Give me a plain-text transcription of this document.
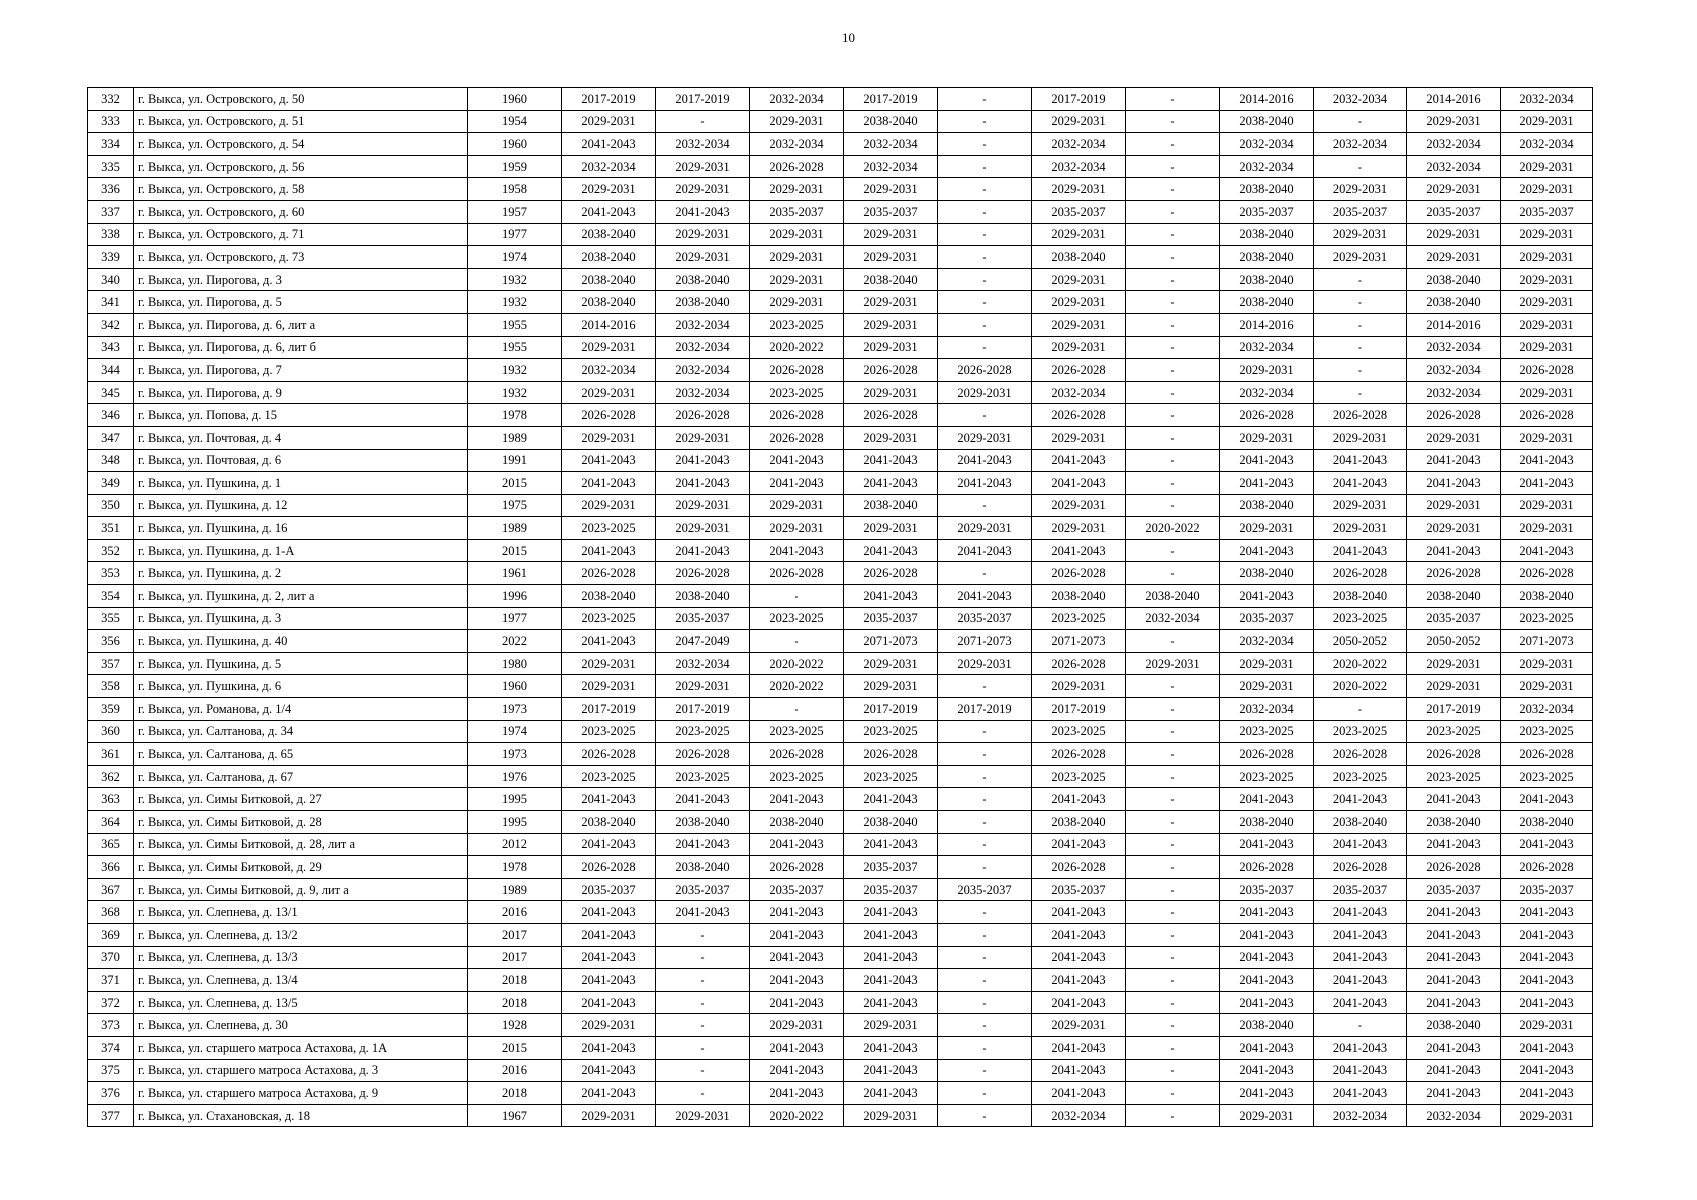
10
332	г. Выкса, ул. Островского, д. 50	1960	2017-2019	2017-2019	2032-2034	2017-2019	-	2017-2019	-	2014-2016	2032-2034	2014-2016	2032-2034
333	г. Выкса, ул. Островского, д. 51	1954	2029-2031	-	2029-2031	2038-2040	-	2029-2031	-	2038-2040	-	2029-2031	2029-2031
334	г. Выкса, ул. Островского, д. 54	1960	2041-2043	2032-2034	2032-2034	2032-2034	-	2032-2034	-	2032-2034	2032-2034	2032-2034	2032-2034
335	г. Выкса, ул. Островского, д. 56	1959	2032-2034	2029-2031	2026-2028	2032-2034	-	2032-2034	-	2032-2034	-	2032-2034	2029-2031
336	г. Выкса, ул. Островского, д. 58	1958	2029-2031	2029-2031	2029-2031	2029-2031	-	2029-2031	-	2038-2040	2029-2031	2029-2031	2029-2031
337	г. Выкса, ул. Островского, д. 60	1957	2041-2043	2041-2043	2035-2037	2035-2037	-	2035-2037	-	2035-2037	2035-2037	2035-2037	2035-2037
338	г. Выкса, ул. Островского, д. 71	1977	2038-2040	2029-2031	2029-2031	2029-2031	-	2029-2031	-	2038-2040	2029-2031	2029-2031	2029-2031
339	г. Выкса, ул. Островского, д. 73	1974	2038-2040	2029-2031	2029-2031	2029-2031	-	2038-2040	-	2038-2040	2029-2031	2029-2031	2029-2031
340	г. Выкса, ул. Пирогова, д. 3	1932	2038-2040	2038-2040	2029-2031	2038-2040	-	2029-2031	-	2038-2040	-	2038-2040	2029-2031
341	г. Выкса, ул. Пирогова, д. 5	1932	2038-2040	2038-2040	2029-2031	2029-2031	-	2029-2031	-	2038-2040	-	2038-2040	2029-2031
342	г. Выкса, ул. Пирогова, д. 6, лит а	1955	2014-2016	2032-2034	2023-2025	2029-2031	-	2029-2031	-	2014-2016	-	2014-2016	2029-2031
343	г. Выкса, ул. Пирогова, д. 6, лит б	1955	2029-2031	2032-2034	2020-2022	2029-2031	-	2029-2031	-	2032-2034	-	2032-2034	2029-2031
344	г. Выкса, ул. Пирогова, д. 7	1932	2032-2034	2032-2034	2026-2028	2026-2028	2026-2028	2026-2028	-	2029-2031	-	2032-2034	2026-2028
345	г. Выкса, ул. Пирогова, д. 9	1932	2029-2031	2032-2034	2023-2025	2029-2031	2029-2031	2032-2034	-	2032-2034	-	2032-2034	2029-2031
346	г. Выкса, ул. Попова, д. 15	1978	2026-2028	2026-2028	2026-2028	2026-2028	-	2026-2028	-	2026-2028	2026-2028	2026-2028	2026-2028
347	г. Выкса, ул. Почтовая, д. 4	1989	2029-2031	2029-2031	2026-2028	2029-2031	2029-2031	2029-2031	-	2029-2031	2029-2031	2029-2031	2029-2031
348	г. Выкса, ул. Почтовая, д. 6	1991	2041-2043	2041-2043	2041-2043	2041-2043	2041-2043	2041-2043	-	2041-2043	2041-2043	2041-2043	2041-2043
349	г. Выкса, ул. Пушкина, д. 1	2015	2041-2043	2041-2043	2041-2043	2041-2043	2041-2043	2041-2043	-	2041-2043	2041-2043	2041-2043	2041-2043
350	г. Выкса, ул. Пушкина, д. 12	1975	2029-2031	2029-2031	2029-2031	2038-2040	-	2029-2031	-	2038-2040	2029-2031	2029-2031	2029-2031
351	г. Выкса, ул. Пушкина, д. 16	1989	2023-2025	2029-2031	2029-2031	2029-2031	2029-2031	2029-2031	2020-2022	2029-2031	2029-2031	2029-2031	2029-2031
352	г. Выкса, ул. Пушкина, д. 1-А	2015	2041-2043	2041-2043	2041-2043	2041-2043	2041-2043	2041-2043	-	2041-2043	2041-2043	2041-2043	2041-2043
353	г. Выкса, ул. Пушкина, д. 2	1961	2026-2028	2026-2028	2026-2028	2026-2028	-	2026-2028	-	2038-2040	2026-2028	2026-2028	2026-2028
354	г. Выкса, ул. Пушкина, д. 2, лит а	1996	2038-2040	2038-2040	-	2041-2043	2041-2043	2038-2040	2038-2040	2041-2043	2038-2040	2038-2040	2038-2040
355	г. Выкса, ул. Пушкина, д. 3	1977	2023-2025	2035-2037	2023-2025	2035-2037	2035-2037	2023-2025	2032-2034	2035-2037	2023-2025	2035-2037	2023-2025
356	г. Выкса, ул. Пушкина, д. 40	2022	2041-2043	2047-2049	-	2071-2073	2071-2073	2071-2073	-	2032-2034	2050-2052	2050-2052	2071-2073
357	г. Выкса, ул. Пушкина, д. 5	1980	2029-2031	2032-2034	2020-2022	2029-2031	2029-2031	2026-2028	2029-2031	2029-2031	2020-2022	2029-2031	2029-2031
358	г. Выкса, ул. Пушкина, д. 6	1960	2029-2031	2029-2031	2020-2022	2029-2031	-	2029-2031	-	2029-2031	2020-2022	2029-2031	2029-2031
359	г. Выкса, ул. Романова, д. 1/4	1973	2017-2019	2017-2019	-	2017-2019	2017-2019	2017-2019	-	2032-2034	-	2017-2019	2032-2034
360	г. Выкса, ул. Салтанова, д. 34	1974	2023-2025	2023-2025	2023-2025	2023-2025	-	2023-2025	-	2023-2025	2023-2025	2023-2025	2023-2025
361	г. Выкса, ул. Салтанова, д. 65	1973	2026-2028	2026-2028	2026-2028	2026-2028	-	2026-2028	-	2026-2028	2026-2028	2026-2028	2026-2028
362	г. Выкса, ул. Салтанова, д. 67	1976	2023-2025	2023-2025	2023-2025	2023-2025	-	2023-2025	-	2023-2025	2023-2025	2023-2025	2023-2025
363	г. Выкса, ул. Симы Битковой, д. 27	1995	2041-2043	2041-2043	2041-2043	2041-2043	-	2041-2043	-	2041-2043	2041-2043	2041-2043	2041-2043
364	г. Выкса, ул. Симы Битковой, д. 28	1995	2038-2040	2038-2040	2038-2040	2038-2040	-	2038-2040	-	2038-2040	2038-2040	2038-2040	2038-2040
365	г. Выкса, ул. Симы Битковой, д. 28, лит а	2012	2041-2043	2041-2043	2041-2043	2041-2043	-	2041-2043	-	2041-2043	2041-2043	2041-2043	2041-2043
366	г. Выкса, ул. Симы Битковой, д. 29	1978	2026-2028	2038-2040	2026-2028	2035-2037	-	2026-2028	-	2026-2028	2026-2028	2026-2028	2026-2028
367	г. Выкса, ул. Симы Битковой, д. 9, лит а	1989	2035-2037	2035-2037	2035-2037	2035-2037	2035-2037	2035-2037	-	2035-2037	2035-2037	2035-2037	2035-2037
368	г. Выкса, ул. Слепнева, д. 13/1	2016	2041-2043	2041-2043	2041-2043	2041-2043	-	2041-2043	-	2041-2043	2041-2043	2041-2043	2041-2043
369	г. Выкса, ул. Слепнева, д. 13/2	2017	2041-2043	-	2041-2043	2041-2043	-	2041-2043	-	2041-2043	2041-2043	2041-2043	2041-2043
370	г. Выкса, ул. Слепнева, д. 13/3	2017	2041-2043	-	2041-2043	2041-2043	-	2041-2043	-	2041-2043	2041-2043	2041-2043	2041-2043
371	г. Выкса, ул. Слепнева, д. 13/4	2018	2041-2043	-	2041-2043	2041-2043	-	2041-2043	-	2041-2043	2041-2043	2041-2043	2041-2043
372	г. Выкса, ул. Слепнева, д. 13/5	2018	2041-2043	-	2041-2043	2041-2043	-	2041-2043	-	2041-2043	2041-2043	2041-2043	2041-2043
373	г. Выкса, ул. Слепнева, д. 30	1928	2029-2031	-	2029-2031	2029-2031	-	2029-2031	-	2038-2040	-	2038-2040	2029-2031
374	г. Выкса, ул. старшего матроса Астахова, д. 1А	2015	2041-2043	-	2041-2043	2041-2043	-	2041-2043	-	2041-2043	2041-2043	2041-2043	2041-2043
375	г. Выкса, ул. старшего матроса Астахова, д. 3	2016	2041-2043	-	2041-2043	2041-2043	-	2041-2043	-	2041-2043	2041-2043	2041-2043	2041-2043
376	г. Выкса, ул. старшего матроса Астахова, д. 9	2018	2041-2043	-	2041-2043	2041-2043	-	2041-2043	-	2041-2043	2041-2043	2041-2043	2041-2043
377	г. Выкса, ул. Стахановская, д. 18	1967	2029-2031	2029-2031	2020-2022	2029-2031	-	2032-2034	-	2029-2031	2032-2034	2032-2034	2029-2031
